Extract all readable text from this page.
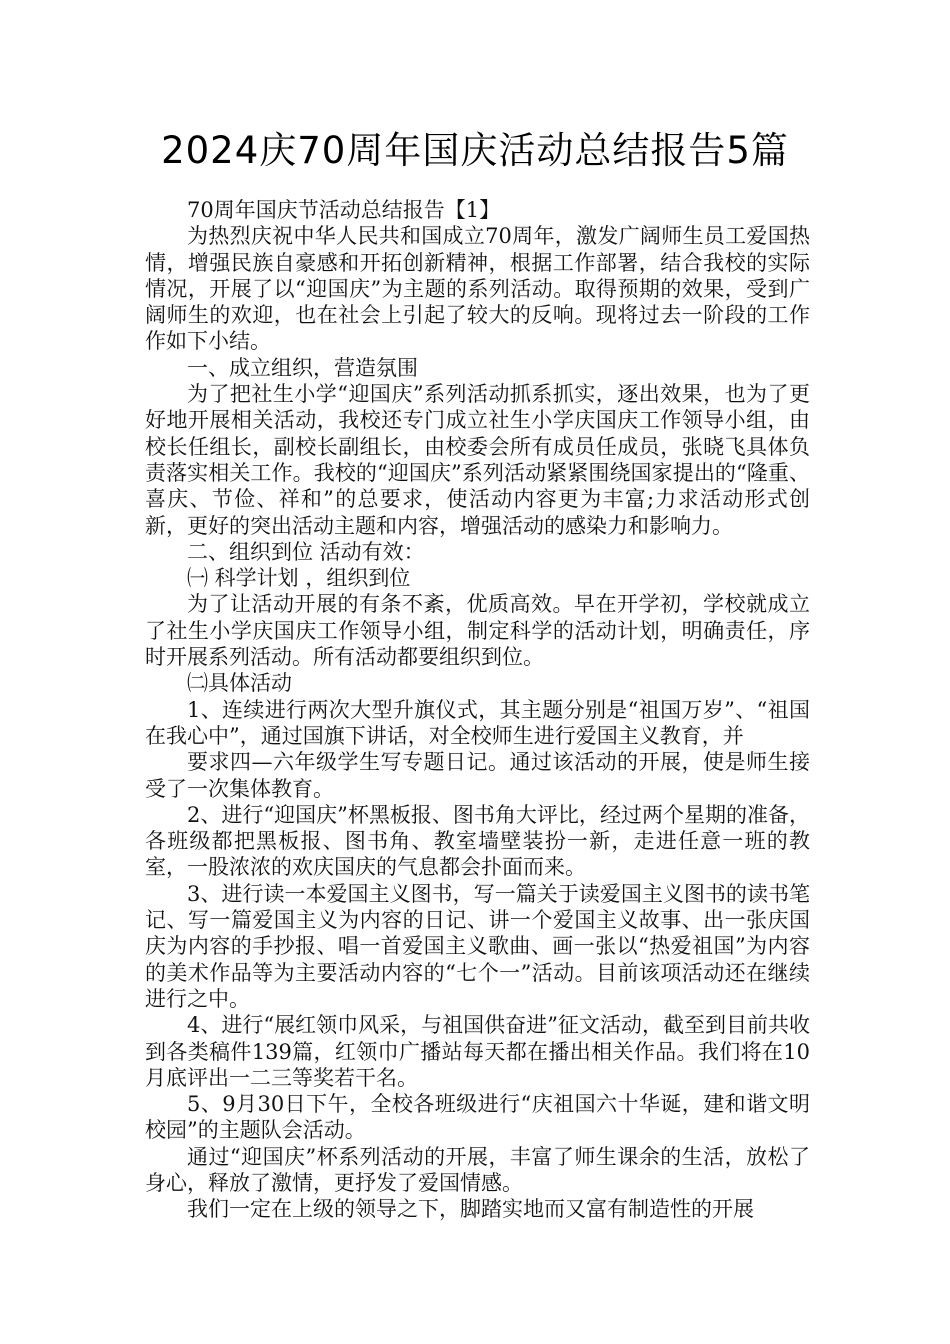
2024庆70周年国庆活动总结报告5篇

70周年国庆节活动总结报告【1】

为热烈庆祝中华人民共和国成立70周年，激发广阔师生员工爱国热情，增强民族自豪感和开拓创新精神，根据工作部署，结合我校的实际情况，开展了以“迎国庆”为主题的系列活动。取得预期的效果，受到广阔师生的欢迎，也在社会上引起了较大的反响。现将过去一阶段的工作作如下小结。

一、成立组织，营造氛围

为了把社生小学“迎国庆”系列活动抓系抓实，逐出效果，也为了更好地开展相关活动，我校还专门成立社生小学庆国庆工作领导小组，由校长任组长，副校长副组长，由校委会所有成员任成员，张晓飞具体负责落实相关工作。我校的“迎国庆”系列活动紧紧围绕国家提出的“隆重、喜庆、节俭、祥和”的总要求，使活动内容更为丰富;力求活动形式创新，更好的突出活动主题和内容，增强活动的感染力和影响力。

二、组织到位 活动有效：

㈠ 科学计划 ，组织到位

为了让活动开展的有条不紊，优质高效。早在开学初，学校就成立了社生小学庆国庆工作领导小组，制定科学的活动计划，明确责任，序时开展系列活动。所有活动都要组织到位。

㈡具体活动

1、连续进行两次大型升旗仪式，其主题分别是“祖国万岁”、“祖国在我心中”，通过国旗下讲话，对全校师生进行爱国主义教育，并

要求四—六年级学生写专题日记。通过该活动的开展，使是师生接受了一次集体教育。

2、进行“迎国庆”杯黑板报、图书角大评比，经过两个星期的准备，各班级都把黑板报、图书角、教室墙壁装扮一新，走进任意一班的教室，一股浓浓的欢庆国庆的气息都会扑面而来。

3、进行读一本爱国主义图书，写一篇关于读爱国主义图书的读书笔记、写一篇爱国主义为内容的日记、讲一个爱国主义故事、出一张庆国庆为内容的手抄报、唱一首爱国主义歌曲、画一张以“热爱祖国”为内容的美术作品等为主要活动内容的“七个一”活动。目前该项活动还在继续进行之中。

4、进行“展红领巾风采，与祖国供奋进”征文活动，截至到目前共收到各类稿件139篇，红领巾广播站每天都在播出相关作品。我们将在10月底评出一二三等奖若干名。

5、9月30日下午，全校各班级进行“庆祖国六十华诞，建和谐文明校园”的主题队会活动。

通过“迎国庆”杯系列活动的开展，丰富了师生课余的生活，放松了身心，释放了激情，更抒发了爱国情感。

我们一定在上级的领导之下，脚踏实地而又富有制造性的开展
